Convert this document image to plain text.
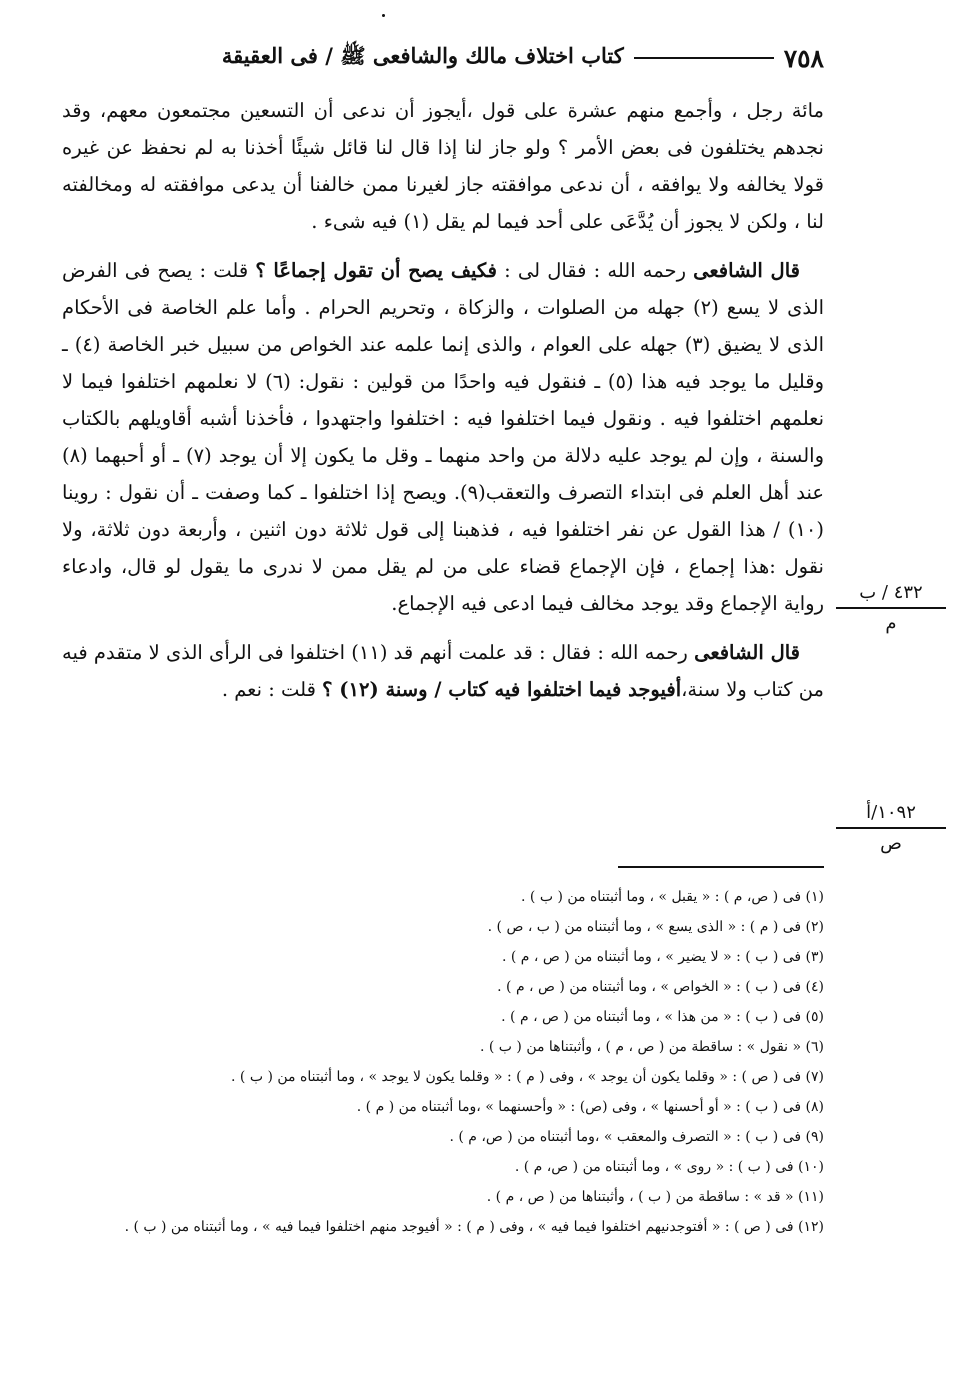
٧٥٨
كتاب اختلاف مالك والشافعى ﷺ / فى العقيقة

مائة رجل ، وأجمع منهم عشرة على قول ،أيجوز أن ندعى أن التسعين مجتمعون معهم، وقد نجدهم يختلفون فى بعض الأمر ؟ ولو جاز لنا إذا قال لنا قائل شيئًا أخذنا به لم نحفظ عن غيره قولا يخالفه ولا يوافقه ، أن ندعى موافقته جاز لغيرنا ممن خالفنا أن يدعى موافقته له ومخالفته لنا ، ولكن لا يجوز أن يُدَّعَى على أحد فيما لم يقل (١) فيه شىء .

قال الشافعى رحمه الله : فقال لى : فكيف يصح أن تقول إجماعًا ؟ قلت : يصح فى الفرض الذى لا يسع (٢) جهله من الصلوات ، والزكاة ، وتحريم الحرام . وأما علم الخاصة فى الأحكام الذى لا يضيق (٣) جهله على العوام ، والذى إنما علمه عند الخواص من سبيل خبر الخاصة (٤) ـ وقليل ما يوجد فيه هذا (٥) ـ فنقول فيه واحدًا من قولين : نقول: (٦) لا نعلمهم اختلفوا فيما لا نعلمهم اختلفوا فيه . ونقول فيما اختلفوا فيه : اختلفوا واجتهدوا ، فأخذنا أشبه أقاويلهم بالكتاب والسنة ، وإن لم يوجد عليه دلالة من واحد منهما ـ وقل ما يكون إلا أن يوجد (٧) ـ أو أحبهما (٨) عند أهل العلم فى ابتداء التصرف والتعقب(٩). ويصح إذا اختلفوا ـ كما وصفت ـ أن نقول : روينا (١٠) / هذا القول عن نفر اختلفوا فيه ، فذهبنا إلى قول ثلاثة دون اثنين ، وأربعة دون ثلاثة، ولا نقول :هذا إجماع ، فإن الإجماع قضاء على من لم يقل ممن لا ندرى ما يقول لو قال، وادعاء رواية الإجماع وقد يوجد مخالف فيما ادعى فيه الإجماع.

قال الشافعى رحمه الله : فقال : قد علمت أنهم قد (١١) اختلفوا فى الرأى الذى لا متقدم فيه من كتاب ولا سنة،أفيوجد فيما اختلفوا فيه كتاب / وسنة (١٢) ؟ قلت : نعم .

٤٣٢ / ب
م
١٠٩٢/أ
ص
(١) فى ( ص، م ) : « يقبل » ، وما أثبتناه من ( ب ) .
(٢) فى ( م ) : « الذى يسع » ، وما أثبتناه من ( ب ، ص ) .
(٣) فى ( ب ) : « لا يضير » ، وما أثبتناه من ( ص ، م ) .
(٤) فى ( ب ) : « الخواص » ، وما أثبتناه من ( ص ، م ) .
(٥) فى ( ب ) : « من هذا » ، وما أثبتناه من ( ص ، م ) .
(٦) « نقول » : ساقطة من ( ص ، م ) ، وأثبتناها من ( ب ) .
(٧) فى ( ص ) : « وقلما يكون أن يوجد » ، وفى ( م ) : « وقلما يكون لا يوجد » ، وما أثبتناه من ( ب ) .
(٨) فى ( ب ) : « أو أحسنها » ، وفى (ص) : « وأحسنهما » ،وما أثبتناه من ( م ) .
(٩) فى ( ب ) : « التصرف والمعقب » ،وما أثبتناه من ( ص، م ) .
(١٠) فى ( ب ) : « روى » ، وما أثبتناه من ( ص، م ) .
(١١) « قد » : ساقطة من ( ب ) ، وأثبتناها من ( ص ، م ) .
(١٢) فى ( ص ) : « أفتوجدنيهم اختلفوا فيما فيه » ، وفى ( م ) : « أفيوجد منهم اختلفوا فيما فيه » ، وما أثبتناه من ( ب ) .
